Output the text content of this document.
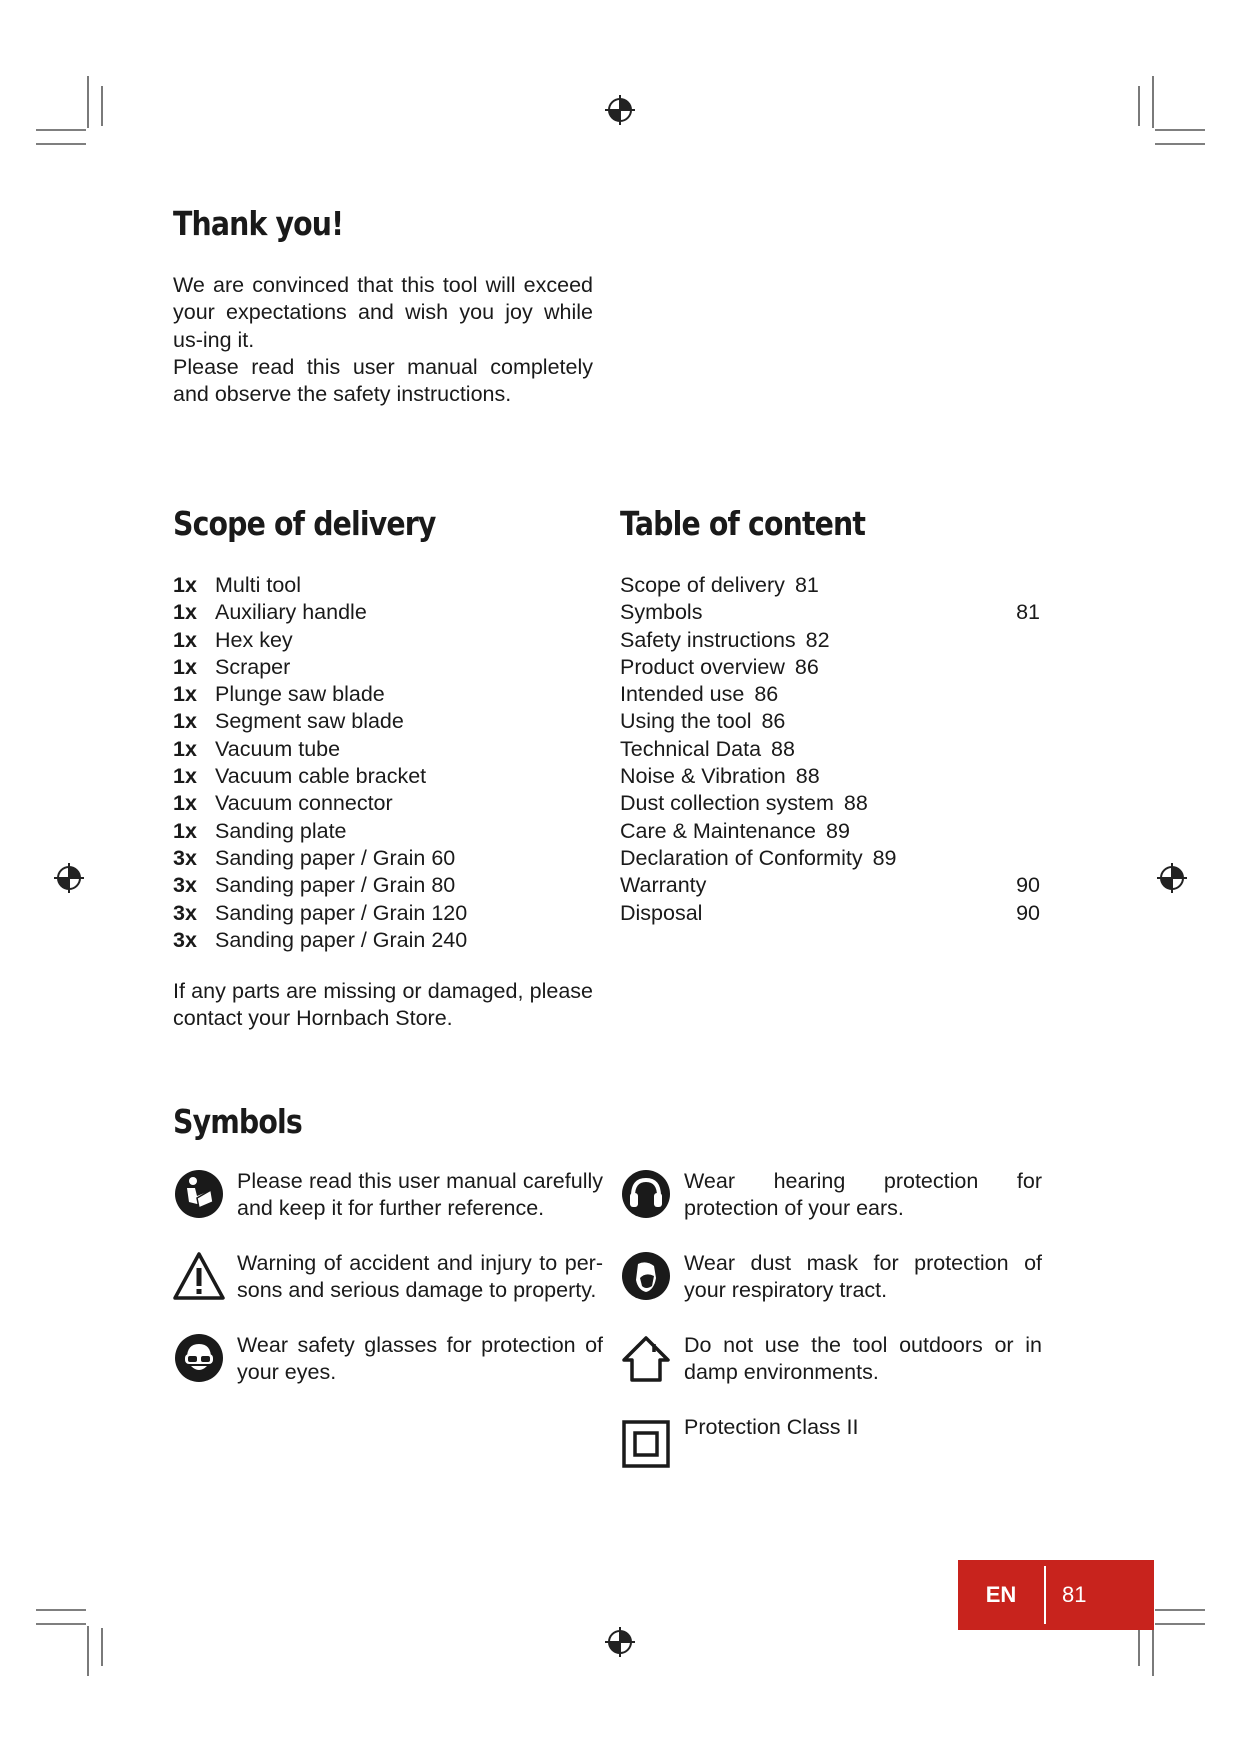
Thank you!

We are convinced that this tool will exceed your expectations and wish you joy while us-ing it.

Please read this user manual completely and observe the safety instructions.

Scope of delivery
1x Multi tool
1x Auxiliary handle
1x Hex key
1x Scraper
1x Plunge saw blade
1x Segment saw blade
1x Vacuum tube
1x Vacuum cable bracket
1x Vacuum connector
1x Sanding plate
3x Sanding paper / Grain 60
3x Sanding paper / Grain 80
3x Sanding paper / Grain 120
3x Sanding paper / Grain 240
If any parts are missing or damaged, please contact your Hornbach Store.
Table of content
Scope of delivery 81
Symbols	81
Safety instructions 82
Product overview 86
Intended use 86
Using the tool 86
Technical Data 88
Noise & Vibration 88
Dust collection system 88
Care & Maintenance 89
Declaration of Conformity 89
Warranty	90
Disposal	90
Symbols
Please read this user manual carefully and keep it for further reference.
Warning of accident and injury to per-sons and serious damage to property.
Wear safety glasses for protection of your eyes.
Wear hearing protection for protection of your ears.
Wear dust mask for protection of your respiratory tract.
Do not use the tool outdoors or in damp environments.
Protection Class II
EN	81
